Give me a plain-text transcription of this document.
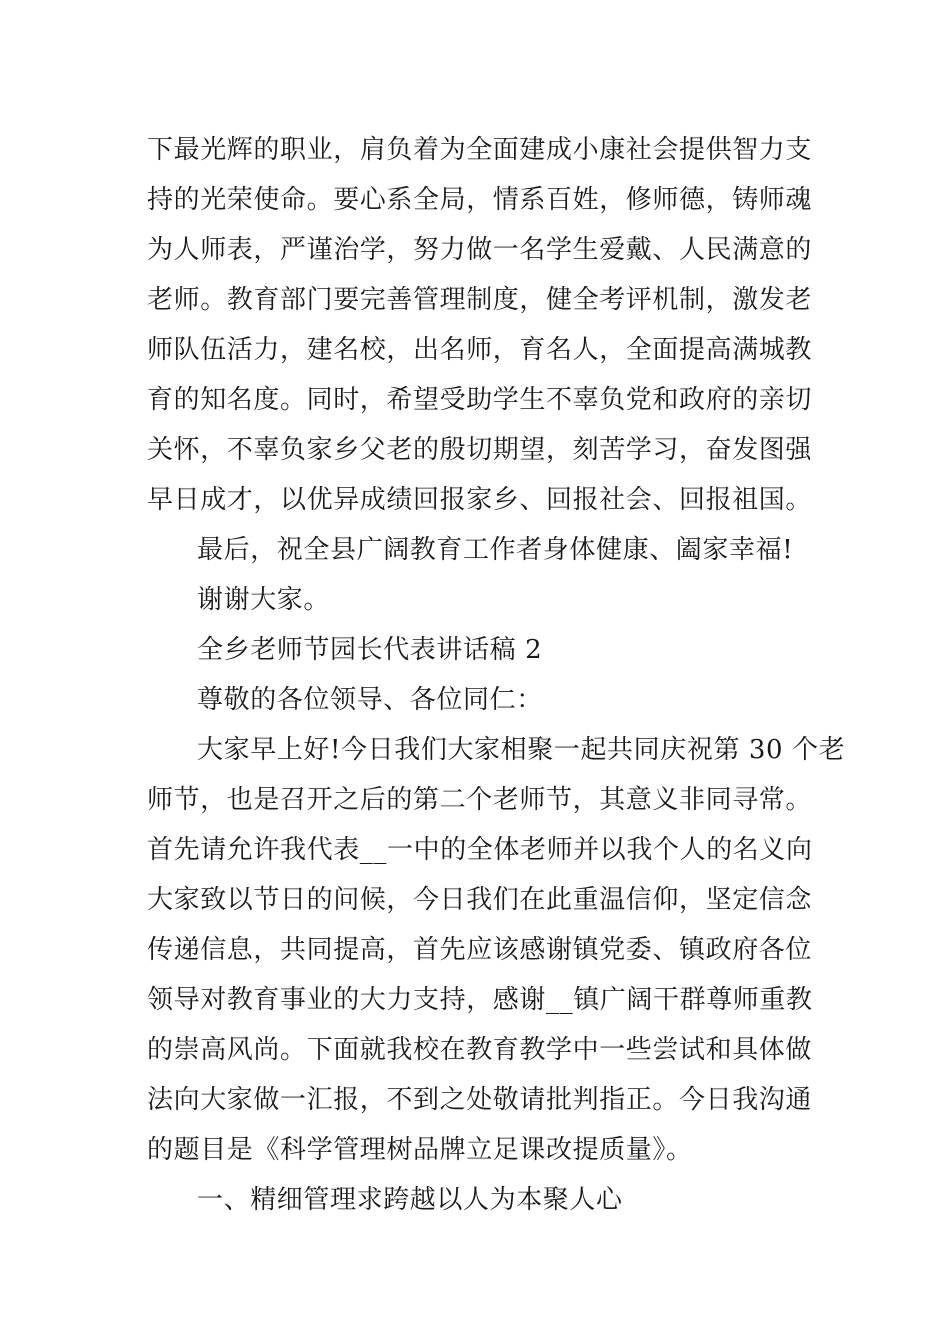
下最光辉的职业，肩负着为全面建成小康社会提供智力支
持的光荣使命。要心系全局，情系百姓，修师德，铸师魂
为人师表，严谨治学，努力做一名学生爱戴、人民满意的
老师。教育部门要完善管理制度，健全考评机制，激发老
师队伍活力，建名校，出名师，育名人，全面提高满城教
育的知名度。同时，希望受助学生不辜负党和政府的亲切
关怀，不辜负家乡父老的殷切期望，刻苦学习，奋发图强
早日成才，以优异成绩回报家乡、回报社会、回报祖国。
最后，祝全县广阔教育工作者身体健康、阖家幸福!
谢谢大家。
全乡老师节园长代表讲话稿 2
尊敬的各位领导、各位同仁：
大家早上好!今日我们大家相聚一起共同庆祝第 30 个老
师节，也是召开之后的第二个老师节，其意义非同寻常。
首先请允许我代表__一中的全体老师并以我个人的名义向
大家致以节日的问候，今日我们在此重温信仰，坚定信念
传递信息，共同提高，首先应该感谢镇党委、镇政府各位
领导对教育事业的大力支持，感谢__镇广阔干群尊师重教
的崇高风尚。下面就我校在教育教学中一些尝试和具体做
法向大家做一汇报，不到之处敬请批判指正。今日我沟通
的题目是《科学管理树品牌立足课改提质量》。
一、精细管理求跨越以人为本聚人心
